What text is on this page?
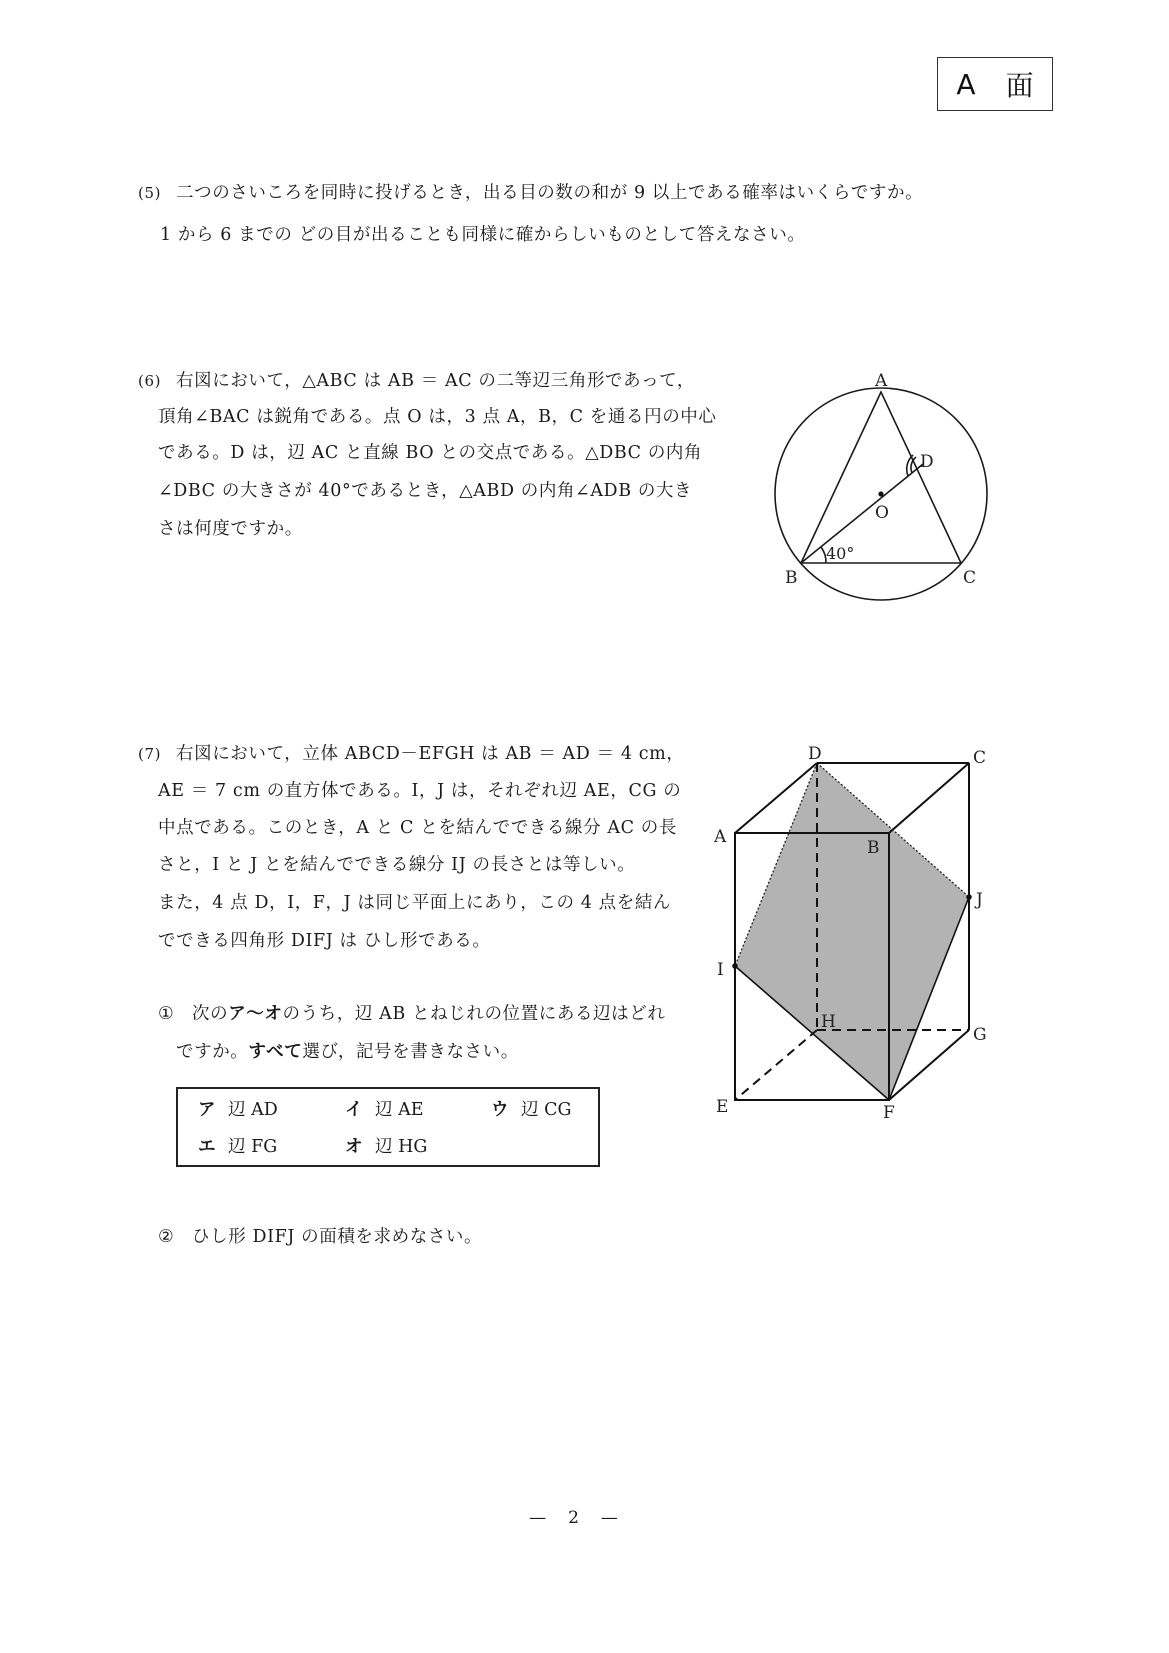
A 面
(5) 二つのさいころを同時に投げるとき，出る目の数の和が 9 以上である確率はいくらですか。
1 から 6 までの どの目が出ることも同様に確からしいものとして答えなさい。
(6) 右図において，△ABC は AB ＝ AC の二等辺三角形であって，
頂角∠BAC は鋭角である。点 O は，3 点 A，B，C を通る円の中心
である。D は，辺 AC と直線 BO との交点である。△DBC の内角
∠DBC の大きさが 40°であるとき，△ABD の内角∠ADB の大き
さは何度ですか。
A
B	C
D
O
40°
(7) 右図において，立体 ABCD－EFGH は AB ＝ AD ＝ 4 cm，
AE ＝ 7 cm の直方体である。I，J は，それぞれ辺 AE，CG の
中点である。このとき，A と C とを結んでできる線分 AC の長
さと，I と J とを結んでできる線分 IJ の長さとは等しい。
また，4 点 D，I，F，J は同じ平面上にあり，この 4 点を結ん
でできる四角形 DIFJ は ひし形である。
① 次のア～オのうち，辺 AB とねじれの位置にある辺はどれ
ですか。すべて選び，記号を書きなさい。
ア 辺 AD	イ 辺 AE	ウ 辺 CG
エ 辺 FG	オ 辺 HG
② ひし形 DIFJ の面積を求めなさい。
D	C
A
B
J
I
H
G
E	F
—2—
